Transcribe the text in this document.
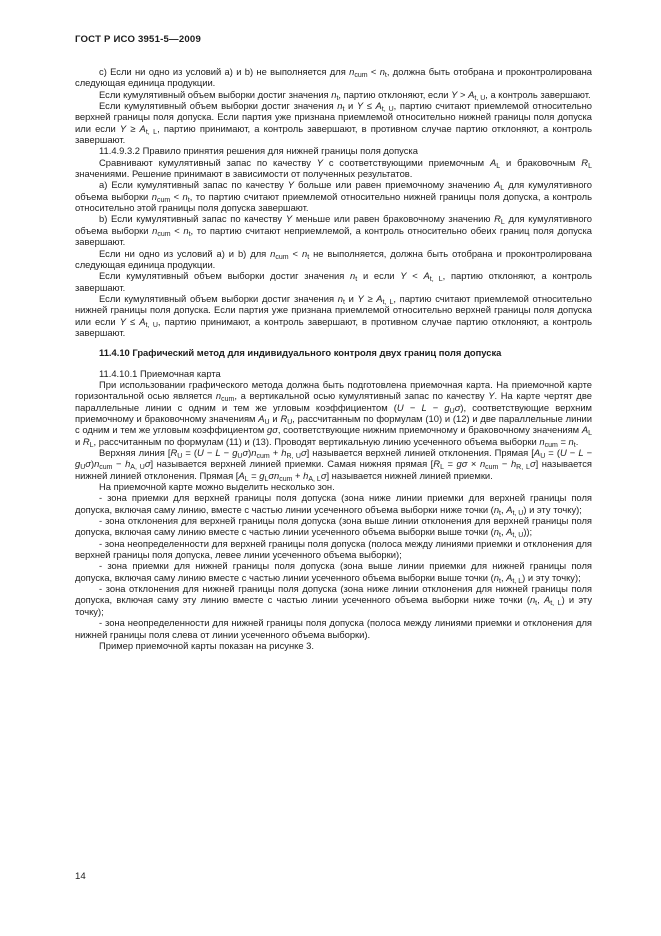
ГОСТ Р ИСО 3951-5—2009

c) Если ни одно из условий a) и b) не выполняется для $n_{cum} < n_t$, должна быть отобрана и проконтролирована следующая единица продукции.

Если кумулятивный объем выборки достиг значения $n_t$, партию отклоняют, если $Y > A_{t, U}$, а контроль завершают.

Если кумулятивный объем выборки достиг значения $n_t$ и $Y \le A_{t, U}$, партию считают приемлемой относительно верхней границы поля допуска. Если партия уже признана приемлемой относительно нижней границы поля допуска или если $Y \ge A_{t, L}$, партию принимают, а контроль завершают, в противном случае партию отклоняют, а контроль завершают.

11.4.9.3.2 Правило принятия решения для нижней границы поля допуска

Сравнивают кумулятивный запас по качеству Y с соответствующими приемочным $A_L$ и браковочным $R_L$ значениями. Решение принимают в зависимости от полученных результатов.

a) Если кумулятивный запас по качеству Y больше или равен приемочному значению $A_L$ для кумулятивного объема выборки $n_{cum} < n_t$, то партию считают приемлемой относительно нижней границы поля допуска, а контроль относительно этой границы поля допуска завершают.

b) Если кумулятивный запас по качеству Y меньше или равен браковочному значению $R_L$ для кумулятивного объема выборки $n_{cum} < n_t$, то партию считают неприемлемой, а контроль относительно обеих границ поля допуска завершают.

Если ни одно из условий a) и b) для $n_{cum} < n_t$ не выполняется, должна быть отобрана и проконтролирована следующая единица продукции.

Если кумулятивный объем выборки достиг значения $n_t$ и если $Y < A_{t, L}$, партию отклоняют, а контроль завершают.

Если кумулятивный объем выборки достиг значения $n_t$ и $Y \ge A_{t, L}$, партию считают приемлемой относительно нижней границы поля допуска. Если партия уже признана приемлемой относительно верхней границы поля допуска или если $Y \le A_{t, U}$, партию принимают, а контроль завершают, в противном случае партию отклоняют, а контроль завершают.

11.4.10 Графический метод для индивидуального контроля двух границ поля допуска

11.4.10.1 Приемочная карта

При использовании графического метода должна быть подготовлена приемочная карта. На приемочной карте горизонтальной осью является $n_{cum}$, а вертикальной осью кумулятивный запас по качеству Y. На карте чертят две параллельные линии с одним и тем же угловым коэффициентом $(U - L - g_U\sigma)$, соответствующие верхним приемочному и браковочному значениям $A_U$ и $R_U$, рассчитанным по формулам (10) и (12) и две параллельные линии с одним и тем же угловым коэффициентом gσ, соответствующие нижним приемочному и браковочному значениям $A_L$ и $R_L$, рассчитанным по формулам (11) и (13). Проводят вертикальную линию усеченного объема выборки $n_{cum} = n_t$.

Верхняя линия $[R_U = (U - L - g_U\sigma)n_{cum} + h_{R, U}\sigma]$ называется верхней линией отклонения. Прямая $[A_U = (U - L - g_U\sigma)n_{cum} - h_{A, U}\sigma]$ называется верхней линией приемки. Самая нижняя прямая $[R_L = g\sigma \times n_{cum} - h_{R, L}\sigma]$ называется нижней линией отклонения. Прямая $[A_L = g_L\sigma n_{cum} + h_{A, L}\sigma]$ называется нижней линией приемки.

На приемочной карте можно выделить несколько зон.

- зона приемки для верхней границы поля допуска (зона ниже линии приемки для верхней границы поля допуска, включая саму линию, вместе с частью линии усеченного объема выборки ниже точки ($n_t$, $A_{t, U}$) и эту точку);

- зона отклонения для верхней границы поля допуска (зона выше линии отклонения для верхней границы поля допуска, включая саму линию вместе с частью линии усеченного объема выборки выше точки ($n_t$, $A_{t, U}$));

- зона неопределенности для верхней границы поля допуска (полоса между линиями приемки и отклонения для верхней границы поля допуска, левее линии усеченного объема выборки);

- зона приемки для нижней границы поля допуска (зона выше линии приемки для нижней границы поля допуска, включая саму линию вместе с частью линии усеченного объема выборки выше точки ($n_t$, $A_{t, L}$) и эту точку);

- зона отклонения для нижней границы поля допуска (зона ниже линии отклонения для нижней границы поля допуска, включая саму эту линию вместе с частью линии усеченного объема выборки ниже точки ($n_t$, $A_{t, L}$) и эту точку);

- зона неопределенности для нижней границы поля допуска (полоса между линиями приемки и отклонения для нижней границы поля слева от линии усеченного объема выборки).

Пример приемочной карты показан на рисунке 3.

14
